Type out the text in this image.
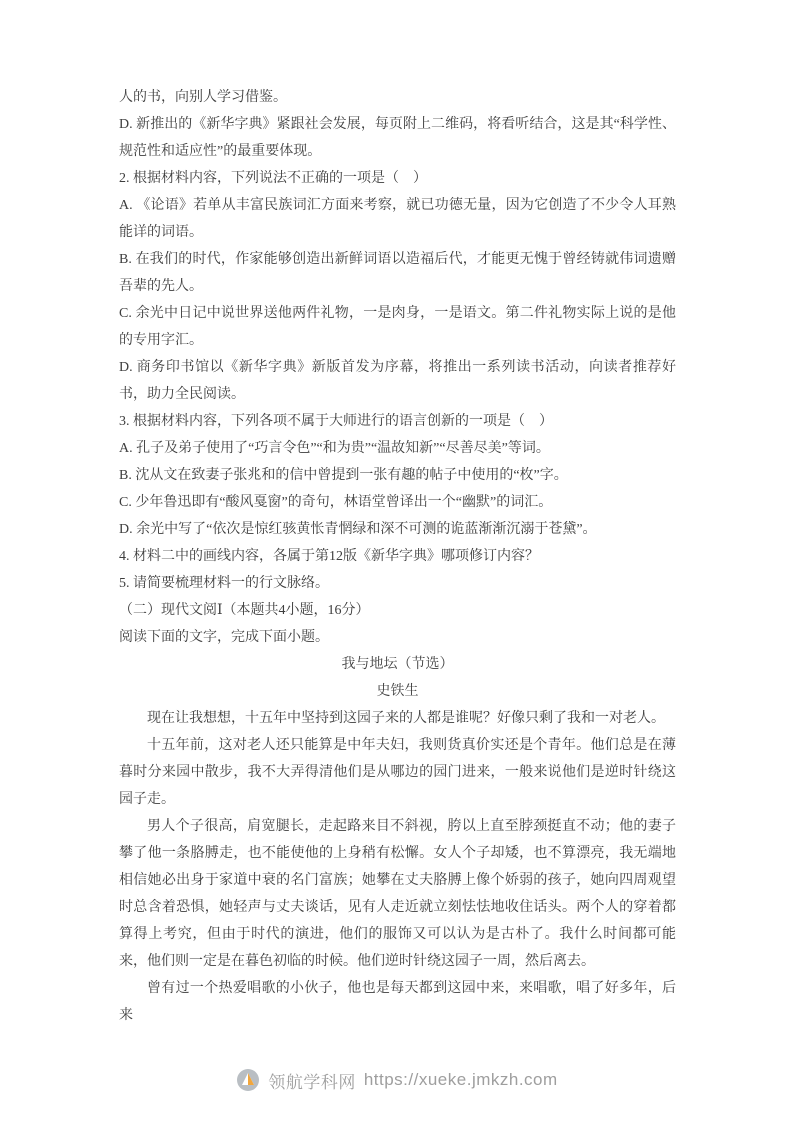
人的书，向别人学习借鉴。

D. 新推出的《新华字典》紧跟社会发展，每页附上二维码，将看听结合，这是其“科学性、规范性和适应性”的最重要体现。

2. 根据材料内容，下列说法不正确的一项是（　）

A. 《论语》若单从丰富民族词汇方面来考察，就已功德无量，因为它创造了不少令人耳熟能详的词语。

B. 在我们的时代，作家能够创造出新鲜词语以造福后代，才能更无愧于曾经铸就伟词遗赠吾辈的先人。

C. 余光中日记中说世界送他两件礼物，一是肉身，一是语文。第二件礼物实际上说的是他的专用字汇。

D. 商务印书馆以《新华字典》新版首发为序幕，将推出一系列读书活动，向读者推荐好书，助力全民阅读。

3. 根据材料内容，下列各项不属于大师进行的语言创新的一项是（　）

A. 孔子及弟子使用了“巧言令色”“和为贵”“温故知新”“尽善尽美”等词。

B. 沈从文在致妻子张兆和的信中曾提到一张有趣的帖子中使用的“枚”字。

C. 少年鲁迅即有“酸风戛窗”的奇句，林语堂曾译出一个“幽默”的词汇。

D. 余光中写了“依次是惊红骇黄怅青惘绿和深不可测的诡蓝渐渐沉溺于苍黛”。

4. 材料二中的画线内容，各属于第12版《新华字典》哪项修订内容？

5. 请简要梳理材料一的行文脉络。

（二）现代文阅Ⅰ（本题共4小题，16分）

阅读下面的文字，完成下面小题。

我与地坛（节选）

史铁生

现在让我想想，十五年中坚持到这园子来的人都是谁呢？好像只剩了我和一对老人。

十五年前，这对老人还只能算是中年夫妇，我则货真价实还是个青年。他们总是在薄暮时分来园中散步，我不大弄得清他们是从哪边的园门进来，一般来说他们是逆时针绕这园子走。

男人个子很高，肩宽腿长，走起路来目不斜视，胯以上直至脖颈挺直不动；他的妻子攀了他一条胳膊走，也不能使他的上身稍有松懈。女人个子却矮，也不算漂亮，我无端地相信她必出身于家道中衰的名门富族；她攀在丈夫胳膊上像个娇弱的孩子，她向四周观望时总含着恐惧，她轻声与丈夫谈话，见有人走近就立刻怯怯地收住话头。两个人的穿着都算得上考究，但由于时代的演进，他们的服饰又可以认为是古朴了。我什么时间都可能来，他们则一定是在暮色初临的时候。他们逆时针绕这园子一周，然后离去。

曾有过一个热爱唱歌的小伙子，他也是每天都到这园中来，来唱歌，唱了好多年，后来

领航学科网 https://xueke.jmkzh.com
